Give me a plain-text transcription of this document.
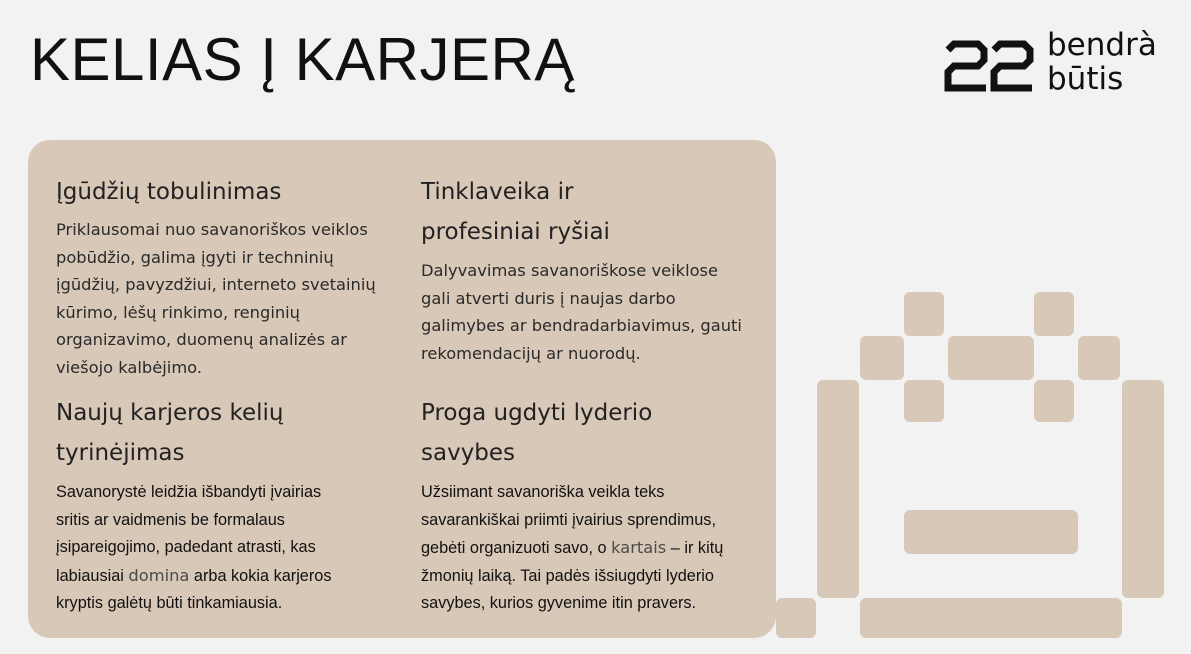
KELIAS Į KARJERĄ	bendrà
būtis
Įgūdžių tobulinimas

Priklausomai nuo savanoriškos veiklos
pobūdžio, galima įgyti ir techninių
įgūdžių, pavyzdžiui, interneto svetainių
kūrimo, lėšų rinkimo, renginių
organizavimo, duomenų analizės ar
viešojo kalbėjimo.

Tinklaveika ir
profesiniai ryšiai

Dalyvavimas savanoriškose veiklose
gali atverti duris į naujas darbo
galimybes ar bendradarbiavimus, gauti
rekomendacijų ar nuorodų.

Naujų karjeros kelių
tyrinėjimas

Savanorystė leidžia išbandyti įvairias
sritis ar vaidmenis be formalaus
įsipareigojimo, padedant atrasti, kas
labiausiai domina arba kokia karjeros
kryptis galėtų būti tinkamiausia.

Proga ugdyti lyderio
savybes

Užsiimant savanoriška veikla teks
savarankiškai priimti įvairius sprendimus,
gebėti organizuoti savo, o kartais – ir kitų
žmonių laiką. Tai padės išsiugdyti lyderio
savybes, kurios gyvenime itin pravers.
